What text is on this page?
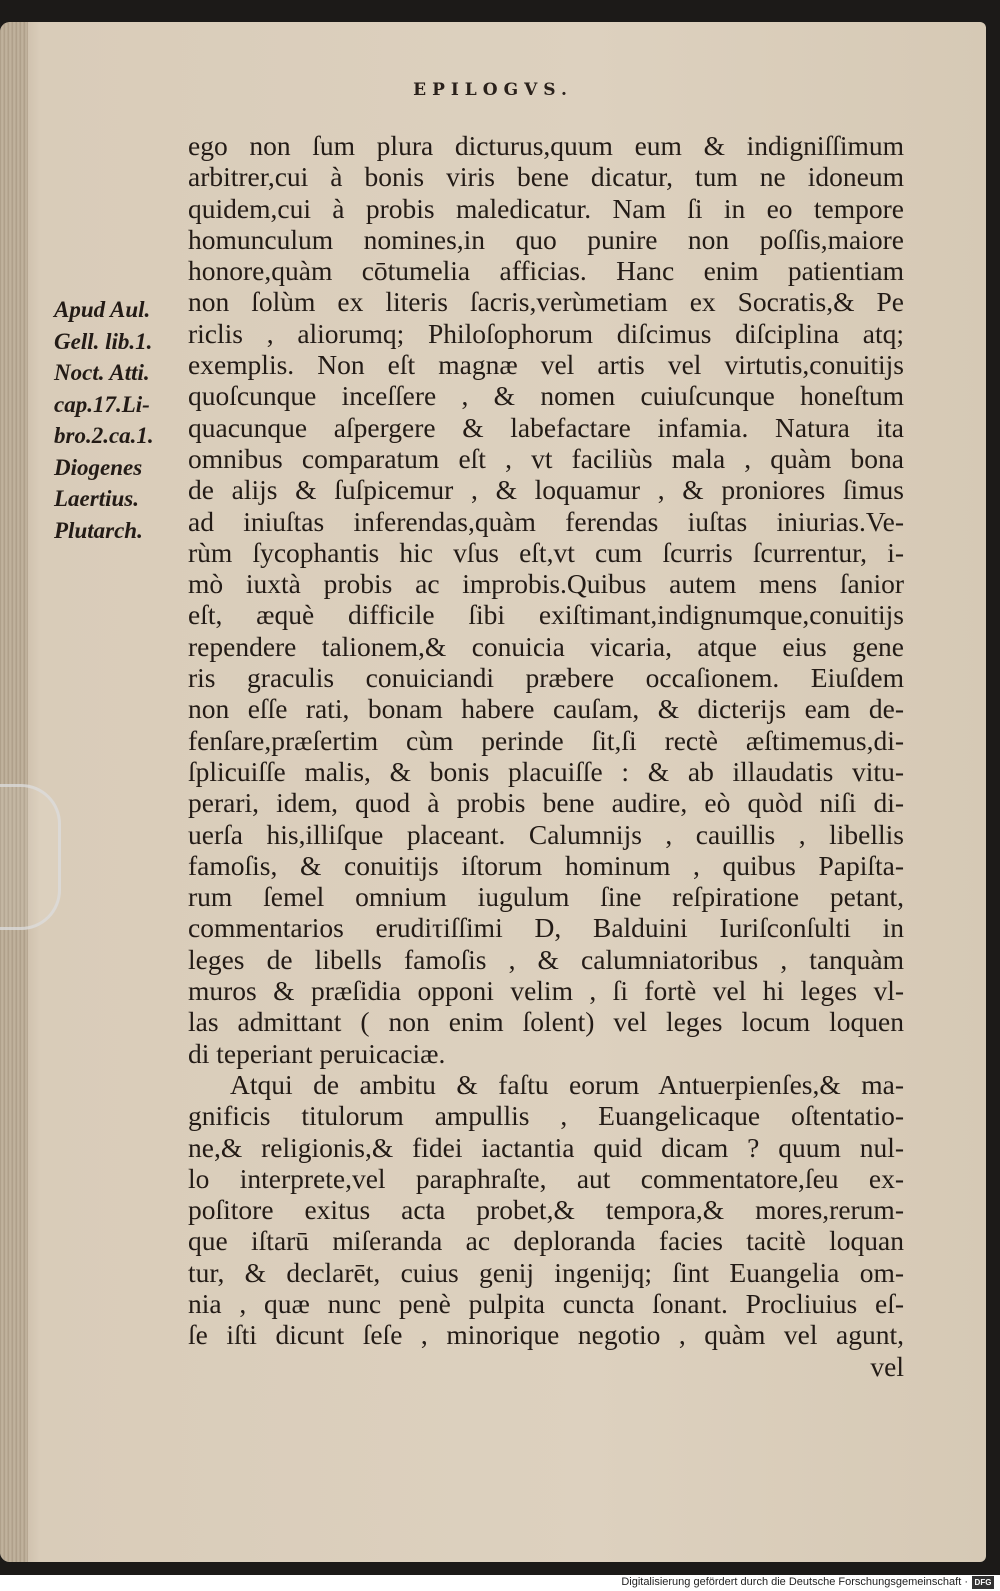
EPILOGVS.
Apud Aul.
Gell. lib.1.
Noct. Atti.
cap.17.Li-
bro.2.ca.1.
Diogenes
Laertius.
Plutarch.
ego non ſum plura dicturus,quum eum & indigniſſimum
arbitrer,cui à bonis viris bene dicatur, tum ne idoneum
quidem,cui à probis maledicatur. Nam ſi in eo tempore
homunculum nomines,in quo punire non poſſis,maiore
honore,quàm cōtumelia afficias. Hanc enim patientiam
non ſolùm ex literis ſacris,verùmetiam ex Socratis,& Pe
riclis , aliorumq; Philoſophorum diſcimus diſciplina atq;
exemplis. Non eſt magnæ vel artis vel virtutis,conuitijs
quoſcunque inceſſere , & nomen cuiuſcunque honeſtum
quacunque aſpergere & labefactare infamia. Natura ita
omnibus comparatum eſt , vt faciliùs mala , quàm bona
de alijs & ſuſpicemur , & loquamur , & proniores ſimus
ad iniuſtas inferendas,quàm ferendas iuſtas iniurias.Ve-
rùm ſycophantis hic vſus eſt,vt cum ſcurris ſcurrentur, i-
mò iuxtà probis ac improbis.Quibus autem mens ſanior
eſt, æquè difficile ſibi exiſtimant,indignumque,conuitijs
rependere talionem,& conuicia vicaria, atque eius gene
ris graculis conuiciandi præbere occaſionem. Eiuſdem
non eſſe rati, bonam habere cauſam, & dicterijs eam de-
fenſare,præſertim cùm perinde ſit,ſi rectè æſtimemus,di-
ſplicuiſſe malis, & bonis placuiſſe : & ab illaudatis vitu-
perari, idem, quod à probis bene audire, eò quòd niſi di-
uerſa his,illiſque placeant. Calumnijs , cauillis , libellis
famoſis, & conuitijs iſtorum hominum , quibus Papiſta-
rum ſemel omnium iugulum ſine reſpiratione petant,
commentarios erudiτiſſimi D, Balduini Iuriſconſulti in
leges de libells famoſis , & calumniatoribus , tanquàm
muros & præſidia opponi velim , ſi fortè vel hi leges vl-
las admittant ( non enim ſolent) vel leges locum loquen
di teperiant peruicaciæ.
Atqui de ambitu & faſtu eorum Antuerpienſes,& ma-
gnificis titulorum ampullis , Euangelicaque oſtentatio-
ne,& religionis,& fidei iactantia quid dicam ? quum nul-
lo interprete,vel paraphraſte, aut commentatore,ſeu ex-
poſitore exitus acta probet,& tempora,& mores,rerum-
que iſtarū miſeranda ac deploranda facies tacitè loquan
tur, & declarēt, cuius genij ingenijq; ſint Euangelia om-
nia , quæ nunc penè pulpita cuncta ſonant. Procliuius eſ-
ſe iſti dicunt ſeſe , minorique negotio , quàm vel agunt,
vel
Digitalisierung gefördert durch die Deutsche Forschungsgemeinschaft · DFG
